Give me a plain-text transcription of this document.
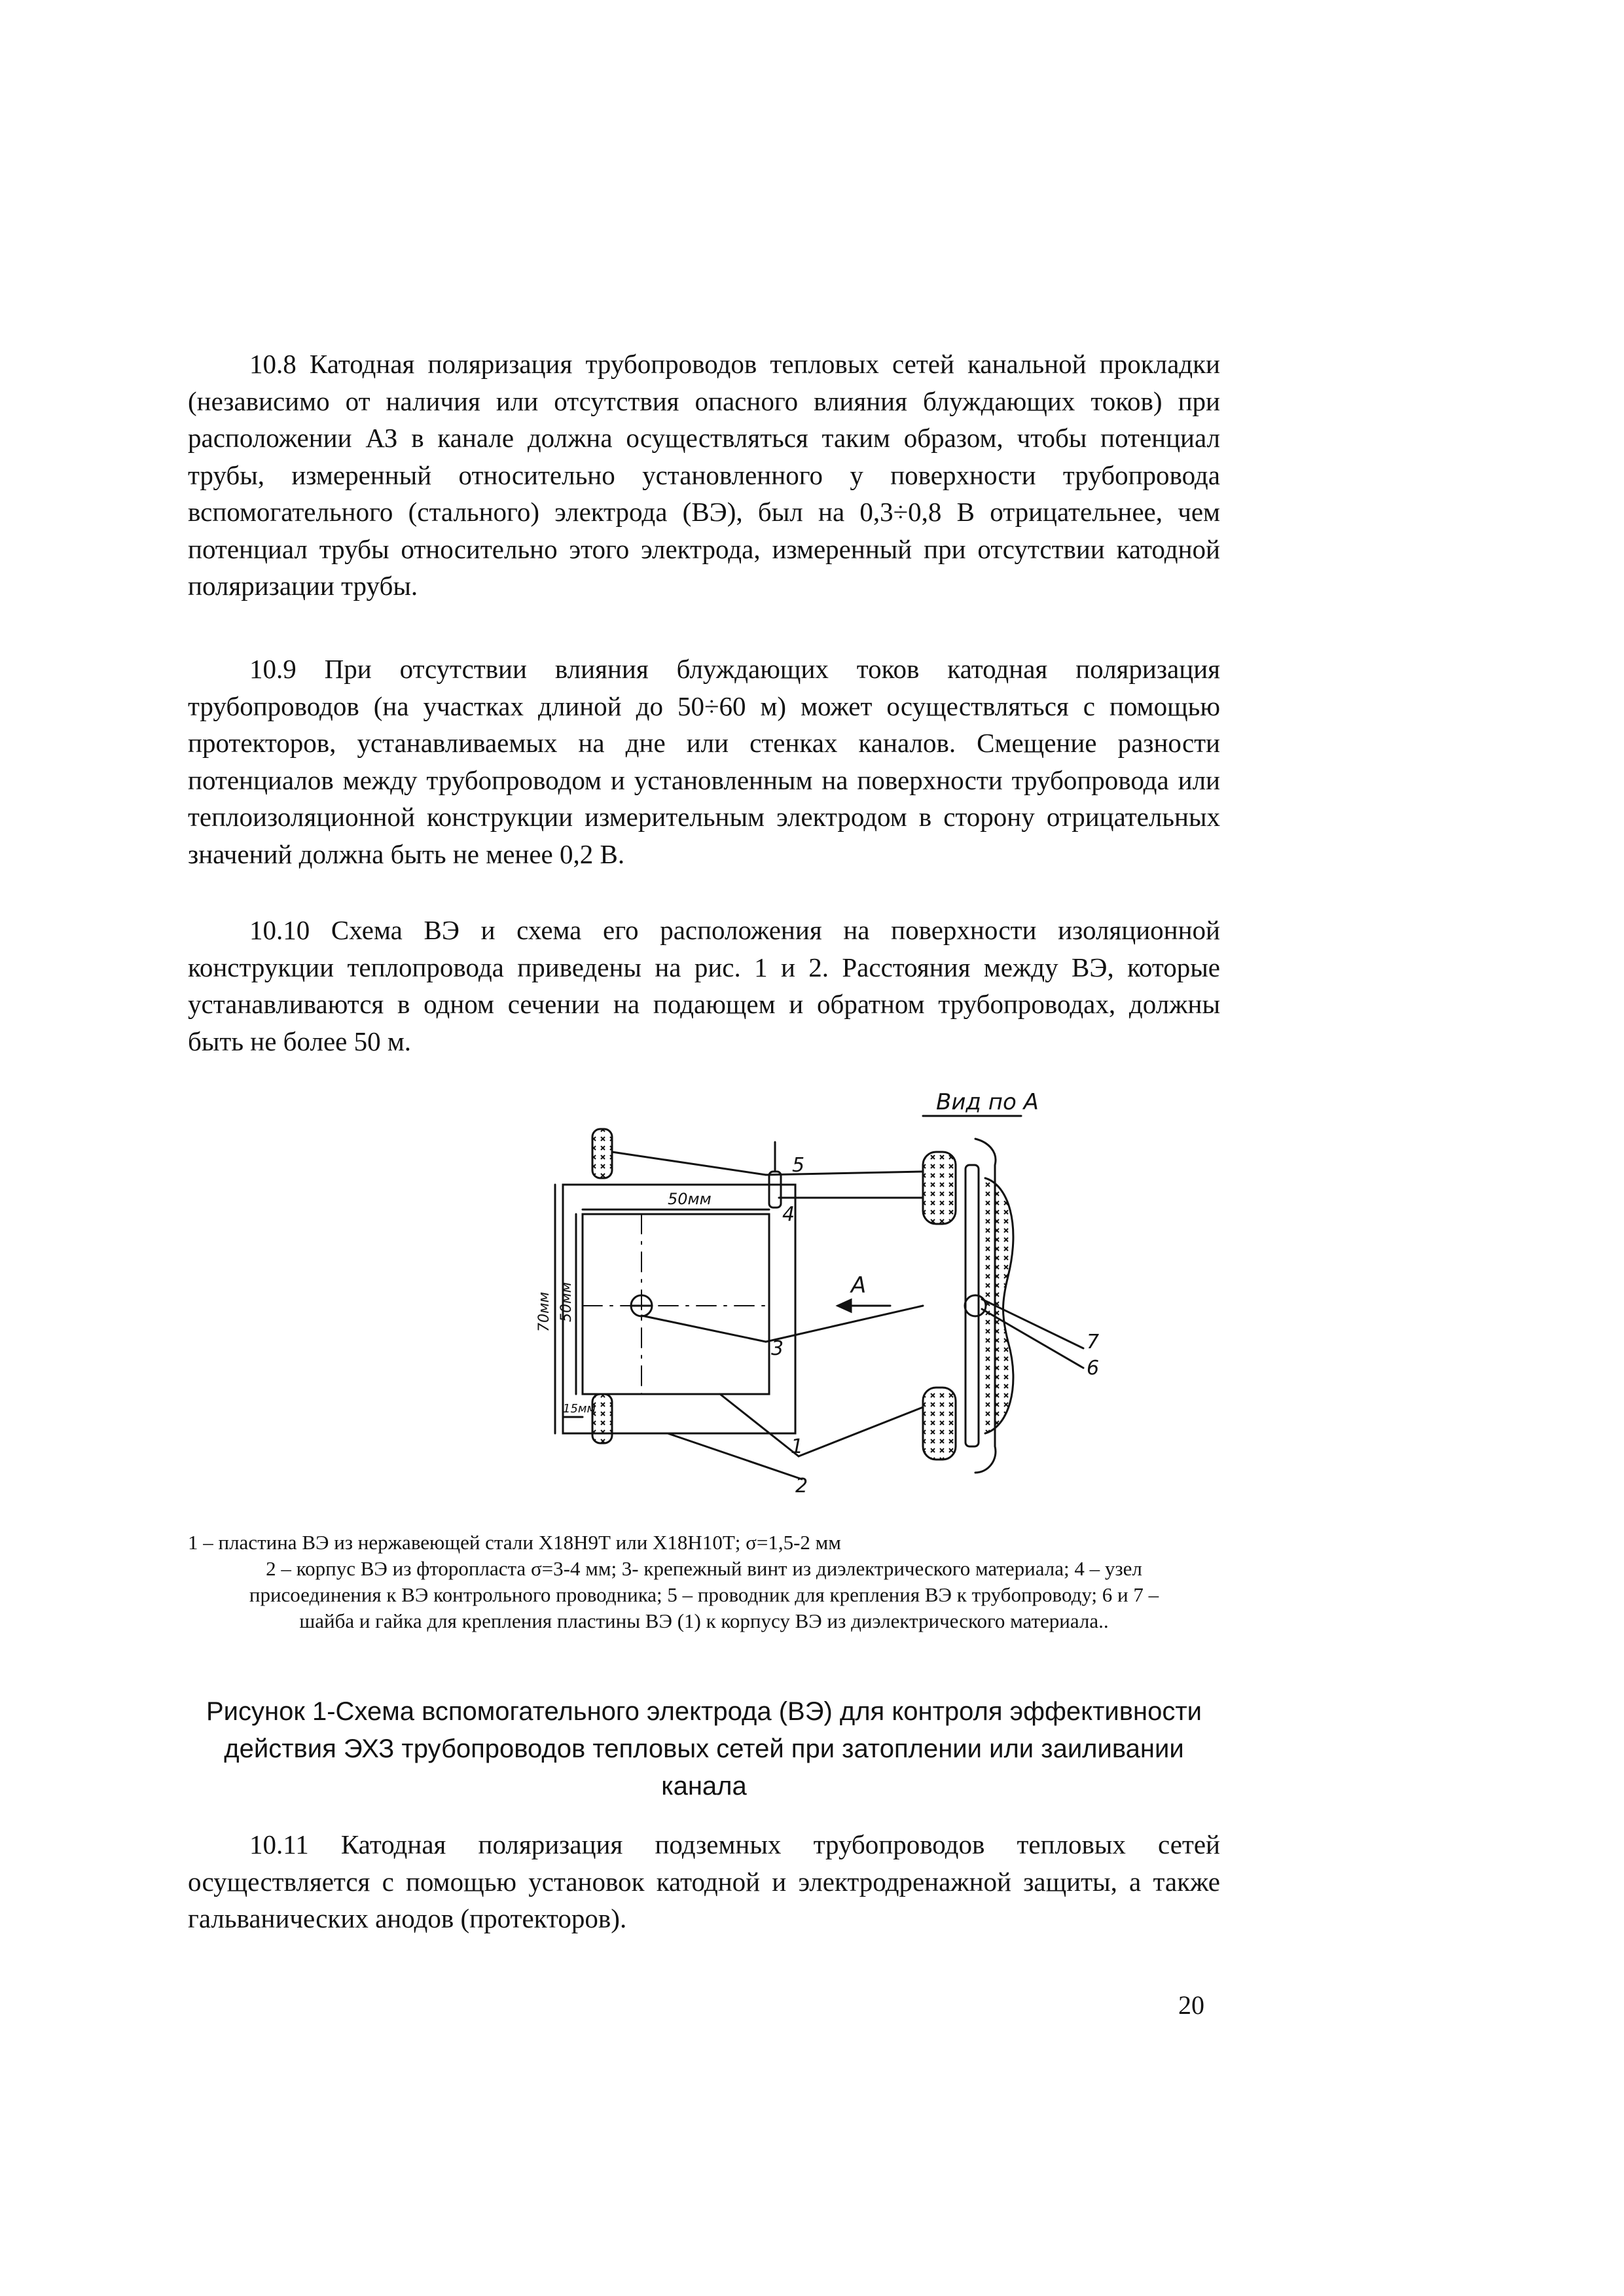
10.8 Катодная поляризация трубопроводов тепловых сетей канальной прокладки (независимо от наличия или отсутствия опасного влияния блуждающих токов) при расположении АЗ в канале должна осуществляться таким образом, чтобы потенциал трубы, измеренный относительно установленного у поверхности трубопровода вспомогательного (стального) электрода (ВЭ), был на 0,3÷0,8 В отрицательнее, чем потенциал трубы относительно этого электрода, измеренный при отсутствии катодной поляризации трубы.

10.9 При отсутствии влияния блуждающих токов катодная поляризация трубопроводов (на участках длиной до 50÷60 м) может осуществляться с помощью протекторов, устанавливаемых на дне или стенках каналов. Смещение разности потенциалов между трубопроводом и установленным на поверхности трубопровода или теплоизоляционной конструкции измерительным электродом в сторону отрицательных значений должна быть не менее 0,2 В.

10.10 Схема ВЭ и схема его расположения на поверхности изоляционной конструкции теплопровода приведены на рис. 1 и 2. Расстояния между ВЭ, которые устанавливаются в одном сечении на подающем и обратном трубопроводах, должны быть не более 50 м.

Вид по А
А
50мм
70мм 50мм
15мм
5
4
3
1
2
7
6

1 – пластина ВЭ из нержавеющей стали Х18Н9Т или Х18Н10Т; σ=1,5-2 мм

2 – корпус ВЭ из фторопласта σ=3-4 мм; 3- крепежный винт из диэлектрического материала; 4 – узел присоединения к ВЭ контрольного проводника; 5 – проводник для крепления ВЭ к трубопроводу; 6 и 7 – шайба и гайка для крепления пластины ВЭ (1) к корпусу ВЭ из диэлектрического материала..

Рисунок 1-Схема вспомогательного электрода (ВЭ) для контроля эффективности действия ЭХЗ трубопроводов тепловых сетей при затоплении или заиливании канала

10.11 Катодная поляризация подземных трубопроводов тепловых сетей осуществляется с помощью установок катодной и электродренажной защиты, а также гальванических анодов (протекторов).

20
